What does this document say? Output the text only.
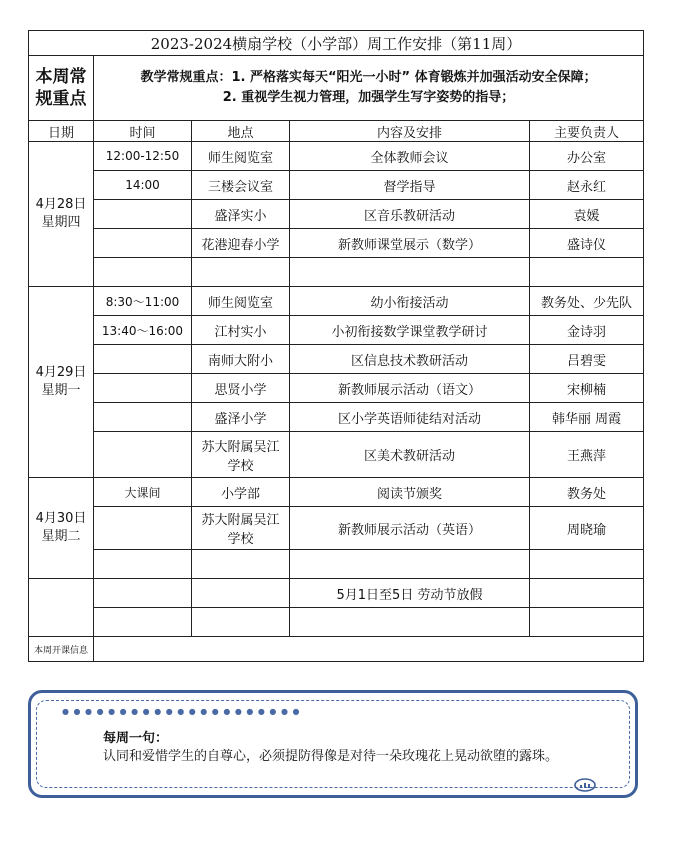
2023-2024横扇学校（小学部）周工作安排（第11周）				

本周常
规重点	教学常规重点：1. 严格落实每天“阳光一小时” 体育锻炼并加强活动安全保障；
2. 重视学生视力管理，加强学生写字姿势的指导；			

日期	时间	地点	内容及安排	主要负责人

4月28日
星期四	12:00-12:50	师生阅览室	全体教师会议	办公室
	14:00	三楼会议室	督学指导	赵永红
		盛泽实小	区音乐教研活动	袁媛
		花港迎春小学	新教师课堂展示（数学）	盛诗仪

4月29日
星期一	8:30～11:00	师生阅览室	幼小衔接活动	教务处、少先队
	13:40～16:00	江村实小	小初衔接数学课堂教学研讨	金诗羽
		南师大附小	区信息技术教研活动	吕碧雯
		思贤小学	新教师展示活动（语文）	宋柳楠
		盛泽小学	区小学英语师徒结对活动	韩华丽 周霞

		苏大附属吴江
学校	区美术教研活动	王燕萍

4月30日
星期二	大课间	小学部	阅读节颁奖	教务处

		苏大附属吴江
学校	新教师展示活动（英语）	周晓瑜

			5月1日至5日 劳动节放假	

本周开课信息				
● ● ● ● ● ● ● ● ● ● ● ● ● ● ● ● ● ● ● ● ●
每周一句：
认同和爱惜学生的自尊心，必须提防得像是对待一朵玫瑰花上晃动欲堕的露珠。
